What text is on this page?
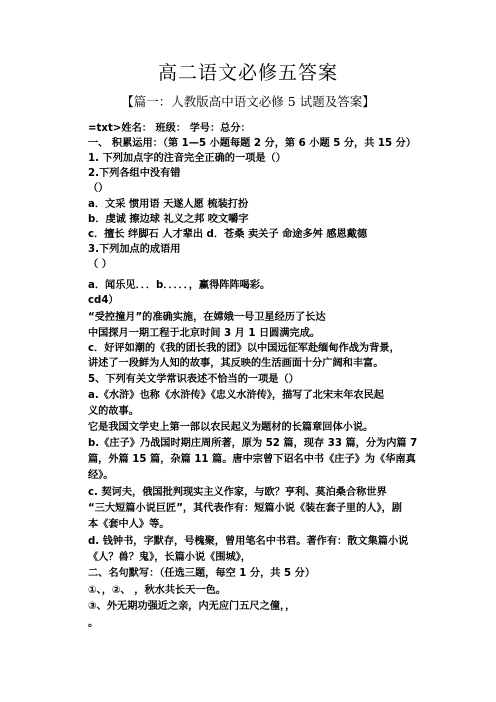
高二语文必修五答案
【篇一：人教版高中语文必修 5 试题及答案】
=txt>姓名： 班级： 学号：总分：
一、 积累运用：（第 1—5 小题每题 2 分，第 6 小题 5 分，共 15 分）
1. 下列加点字的注音完全正确的一项是（）
2.下列各组中没有错
（）
a．文采 惯用语 天遂人愿 梳装打扮
b．虔诚 擦边球 礼义之邦 咬文嚼字
c．擅长 绊脚石 人才辈出 d．苍桑 卖关子 命途多舛 感恩戴德
3.下列加点的成语用
（ ）
a．闻乐见．．．b．．．．．，赢得阵阵喝彩。
cd4）
“受控撞月”的准确实施，在嫦娥一号卫星经历了长达
中国探月一期工程于北京时间 3 月 1 日圆满完成。
c．好评如潮的《我的团长我的团》以中国远征军赴缅甸作战为背景，
讲述了一段鲜为人知的故事，其反映的生活画面十分广阔和丰富。
5、下列有关文学常识表述不恰当的一项是（）
a.《水浒》也称《水浒传》《忠义水浒传》，描写了北宋末年农民起
义的故事。
它是我国文学史上第一部以农民起义为题材的长篇章回体小说。
b.《庄子》乃战国时期庄周所著，原为 52 篇，现存 33 篇，分为内篇 7
篇，外篇 15 篇，杂篇 11 篇。唐中宗曾下诏名中书《庄子》为《华南真
经》。
c. 契诃夫，俄国批判现实主义作家，与欧？亨利、莫泊桑合称世界
“三大短篇小说巨匠”，其代表作有：短篇小说《装在套子里的人》，剧
本《套中人》等。
d. 钱钟书，字默存，号槐聚，曾用笔名中书君。著作有：散文集篇小说
《人？兽？鬼》，长篇小说《围城》，
二、名句默写：（任选三题，每空 1 分，共 5 分）
①、，②、 ，秋水共长天一色。
③、外无期功强近之亲，内无应门五尺之僮，，
。
